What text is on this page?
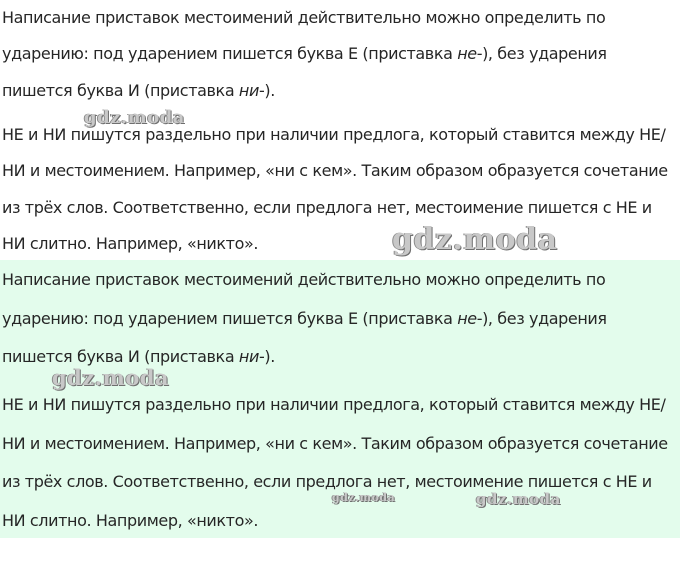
Написание приставок местоимений действительно можно определить по ударению: под ударением пишется буква Е (приставка не-), без ударения пишется буква И (приставка ни-).
НЕ и НИ пишутся раздельно при наличии предлога, который ставится между НЕ/НИ и местоимением. Например, «ни с кем». Таким образом образуется сочетание из трёх слов. Соответственно, если предлога нет, местоимение пишется с НЕ и НИ слитно. Например, «никто».
Написание приставок местоимений действительно можно определить по ударению: под ударением пишется буква Е (приставка не-), без ударения пишется буква И (приставка ни-).
НЕ и НИ пишутся раздельно при наличии предлога, который ставится между НЕ/НИ и местоимением. Например, «ни с кем». Таким образом образуется сочетание из трёх слов. Соответственно, если предлога нет, местоимение пишется с НЕ и НИ слитно. Например, «никто».
gdz.moda
gdz.moda
gdz.moda
gdz.moda	gdz.moda
